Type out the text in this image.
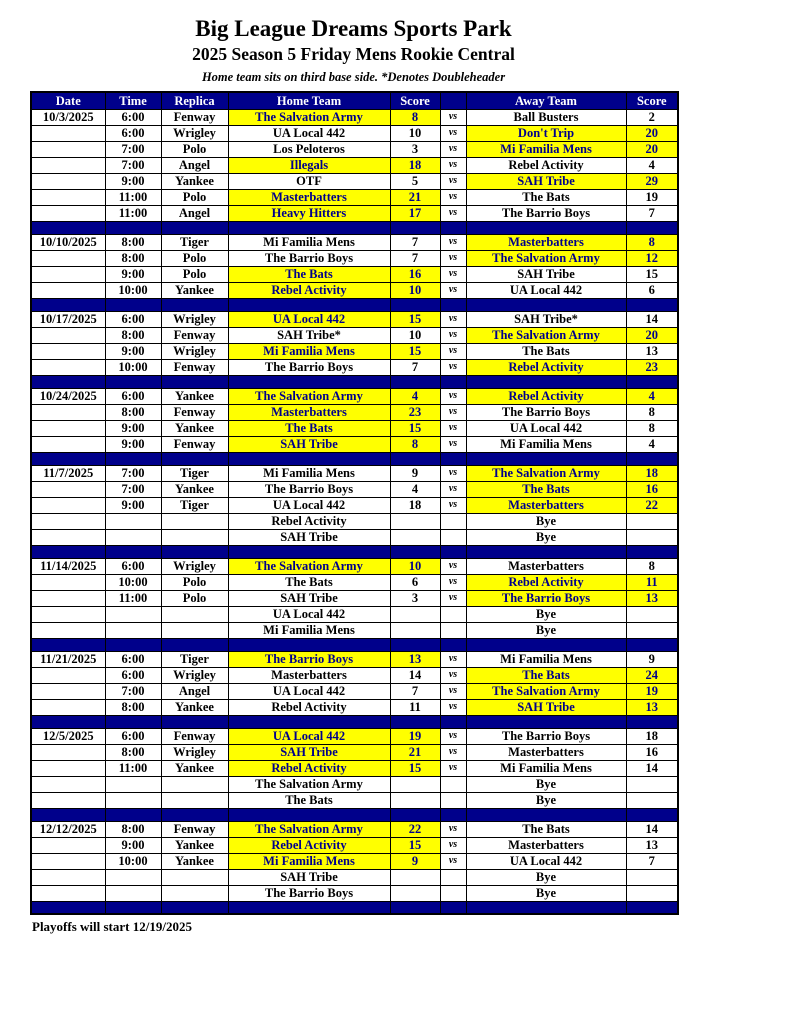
Big League Dreams Sports Park
2025 Season 5 Friday Mens Rookie Central
Home team sits on third base side. *Denotes Doubleheader
Date	Time	Replica	Home Team	Score		Away Team	Score
10/3/2025	6:00	Fenway	The Salvation Army	8	vs	Ball Busters	2
	6:00	Wrigley	UA Local 442	10	vs	Don't Trip	20
	7:00	Polo	Los Peloteros	3	vs	Mi Familia Mens	20
	7:00	Angel	Illegals	18	vs	Rebel Activity	4
	9:00	Yankee	OTF	5	vs	SAH Tribe	29
	11:00	Polo	Masterbatters	21	vs	The Bats	19
	11:00	Angel	Heavy Hitters	17	vs	The Barrio Boys	7

10/10/2025	8:00	Tiger	Mi Familia Mens	7	vs	Masterbatters	8
	8:00	Polo	The Barrio Boys	7	vs	The Salvation Army	12
	9:00	Polo	The Bats	16	vs	SAH Tribe	15
	10:00	Yankee	Rebel Activity	10	vs	UA Local 442	6

10/17/2025	6:00	Wrigley	UA Local 442	15	vs	SAH Tribe*	14
	8:00	Fenway	SAH Tribe*	10	vs	The Salvation Army	20
	9:00	Wrigley	Mi Familia Mens	15	vs	The Bats	13
	10:00	Fenway	The Barrio Boys	7	vs	Rebel Activity	23

10/24/2025	6:00	Yankee	The Salvation Army	4	vs	Rebel Activity	4
	8:00	Fenway	Masterbatters	23	vs	The Barrio Boys	8
	9:00	Yankee	The Bats	15	vs	UA Local 442	8
	9:00	Fenway	SAH Tribe	8	vs	Mi Familia Mens	4

11/7/2025	7:00	Tiger	Mi Familia Mens	9	vs	The Salvation Army	18
	7:00	Yankee	The Barrio Boys	4	vs	The Bats	16
	9:00	Tiger	UA Local 442	18	vs	Masterbatters	22
			Rebel Activity			Bye	
			SAH Tribe			Bye	

11/14/2025	6:00	Wrigley	The Salvation Army	10	vs	Masterbatters	8
	10:00	Polo	The Bats	6	vs	Rebel Activity	11
	11:00	Polo	SAH Tribe	3	vs	The Barrio Boys	13
			UA Local 442			Bye	
			Mi Familia Mens			Bye	

11/21/2025	6:00	Tiger	The Barrio Boys	13	vs	Mi Familia Mens	9
	6:00	Wrigley	Masterbatters	14	vs	The Bats	24
	7:00	Angel	UA Local 442	7	vs	The Salvation Army	19
	8:00	Yankee	Rebel Activity	11	vs	SAH Tribe	13

12/5/2025	6:00	Fenway	UA Local 442	19	vs	The Barrio Boys	18
	8:00	Wrigley	SAH Tribe	21	vs	Masterbatters	16
	11:00	Yankee	Rebel Activity	15	vs	Mi Familia Mens	14
			The Salvation Army			Bye	
			The Bats			Bye	

12/12/2025	8:00	Fenway	The Salvation Army	22	vs	The Bats	14
	9:00	Yankee	Rebel Activity	15	vs	Masterbatters	13
	10:00	Yankee	Mi Familia Mens	9	vs	UA Local 442	7
			SAH Tribe			Bye	
			The Barrio Boys			Bye	

Playoffs will start 12/19/2025
